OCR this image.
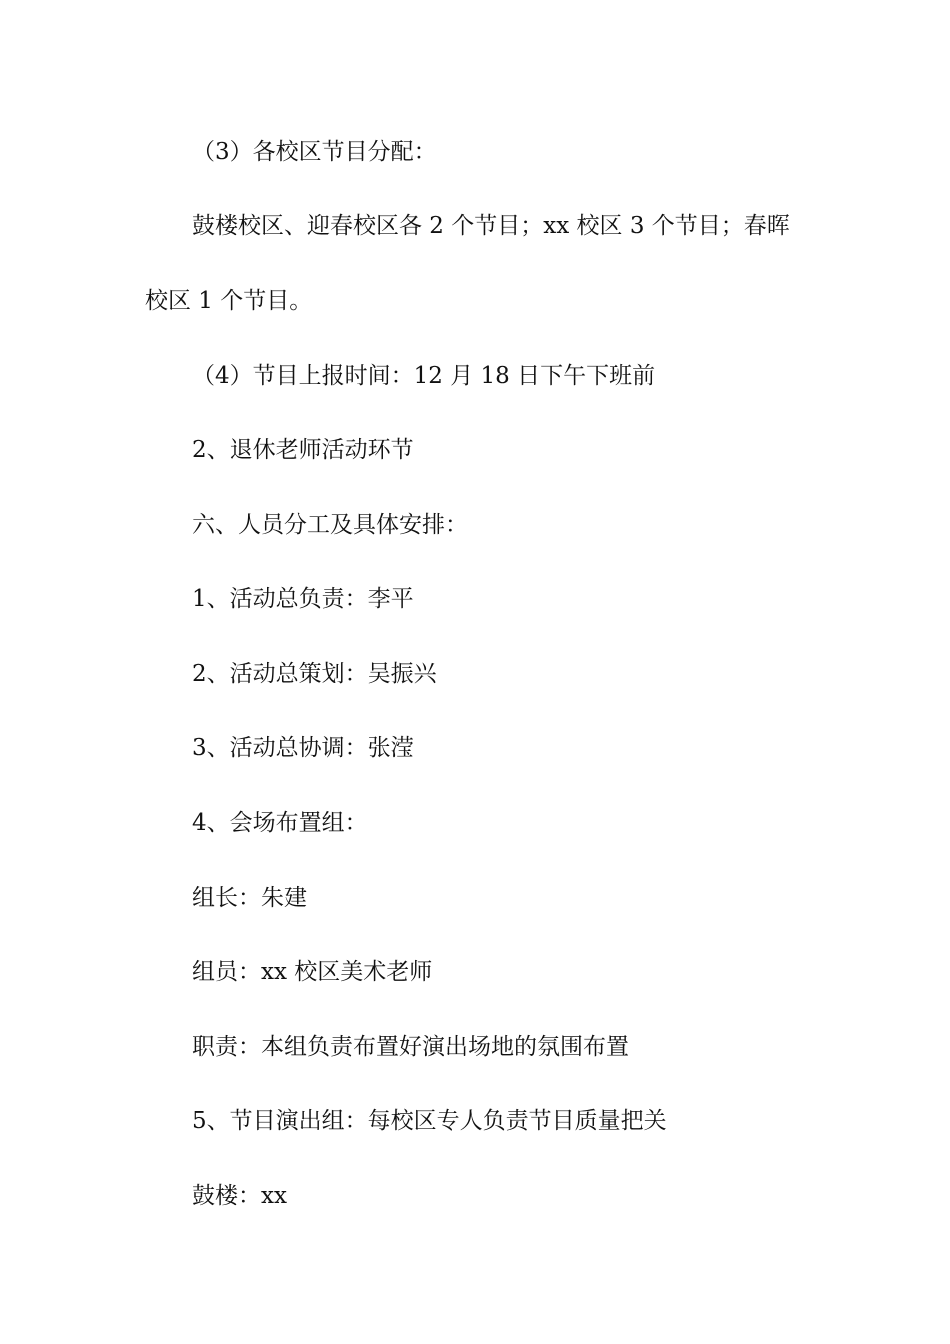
（3）各校区节目分配：
鼓楼校区、迎春校区各 2 个节目；xx 校区 3 个节目；春晖
校区 1 个节目。
（4）节目上报时间：12 月 18 日下午下班前
2、退休老师活动环节
六、人员分工及具体安排：
1、活动总负责：李平
2、活动总策划：吴振兴
3、活动总协调：张滢
4、会场布置组：
组长：朱建
组员：xx 校区美术老师
职责：本组负责布置好演出场地的氛围布置
5、节目演出组：每校区专人负责节目质量把关
鼓楼：xx
